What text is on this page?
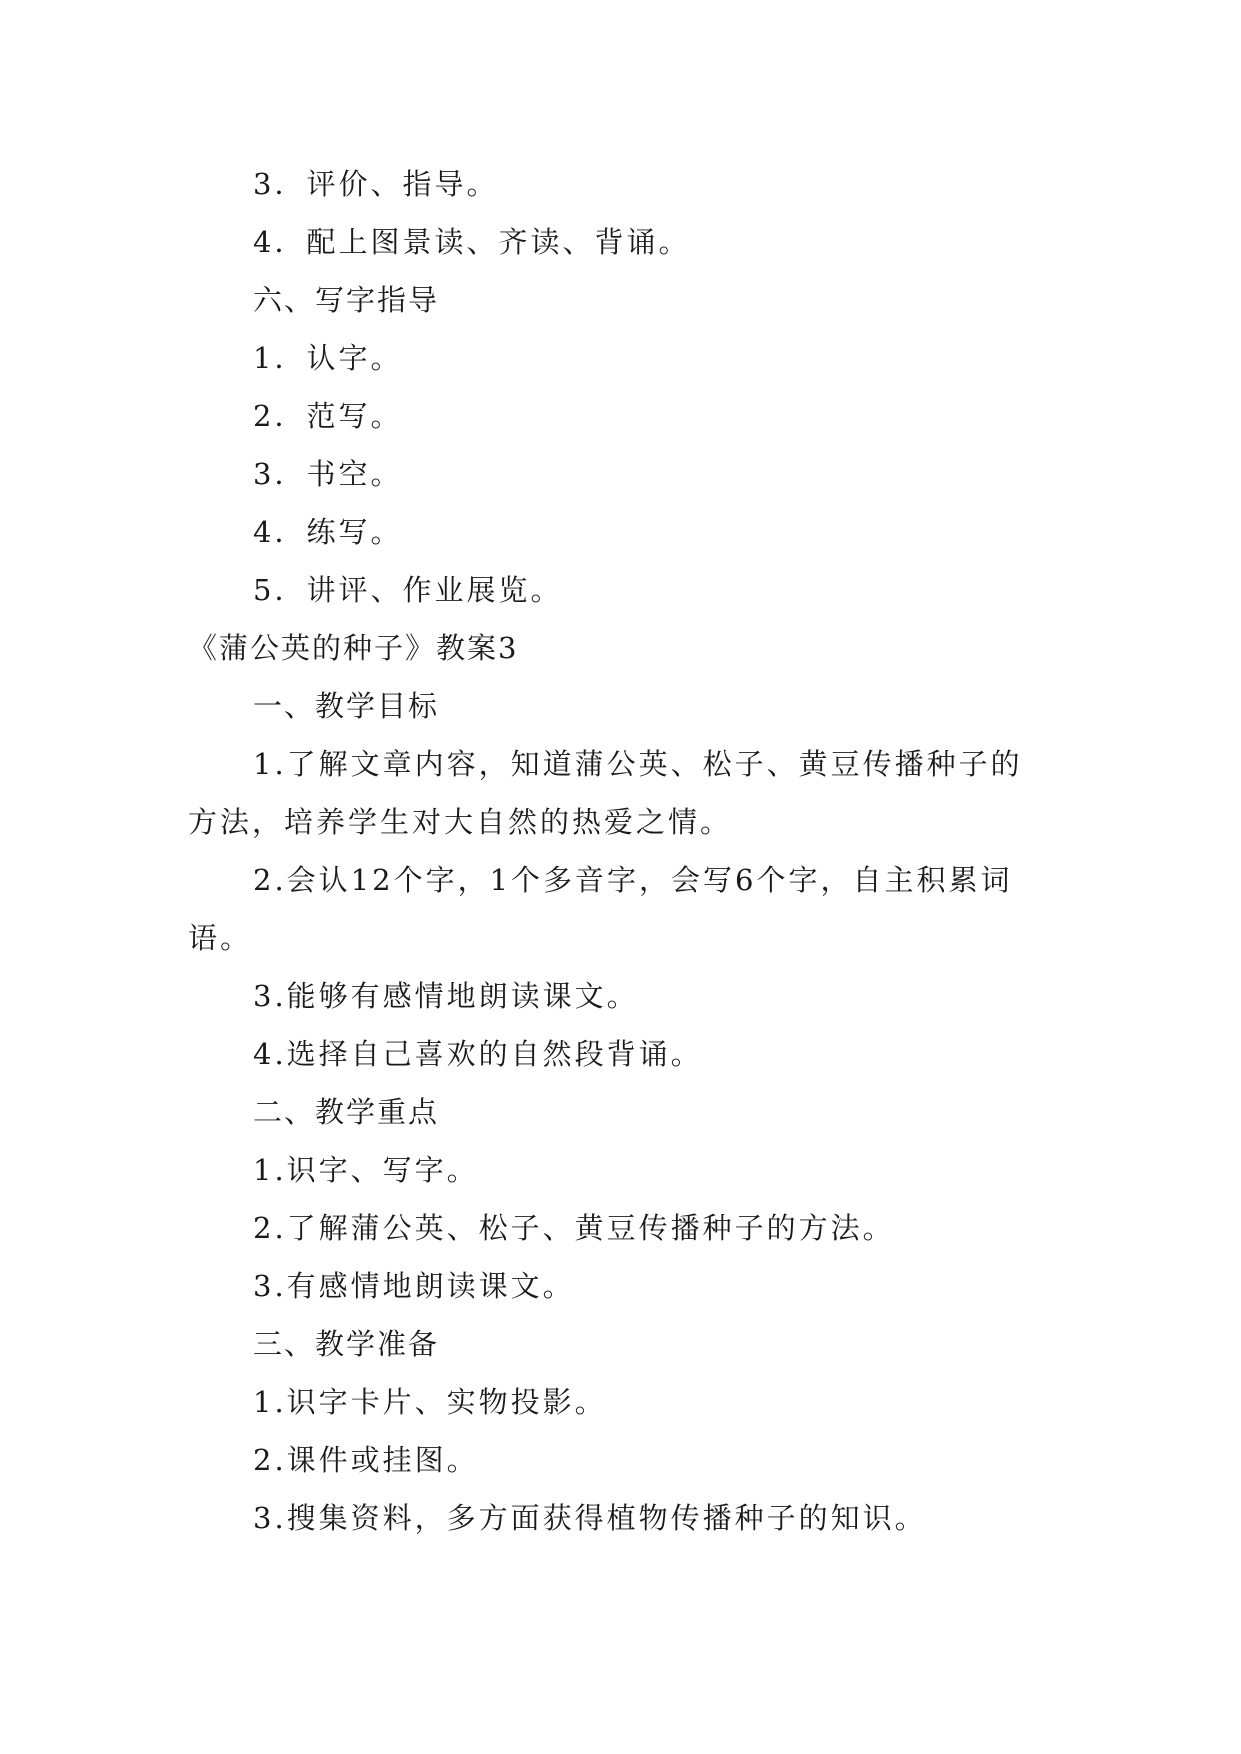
3．评价、指导。
4．配上图景读、齐读、背诵。
六、写字指导
1．认字。
2．范写。
3．书空。
4．练写。
5．讲评、作业展览。
《蒲公英的种子》教案3
一、教学目标
1.了解文章内容，知道蒲公英、松子、黄豆传播种子的
方法，培养学生对大自然的热爱之情。
2.会认12个字，1个多音字，会写6个字，自主积累词
语。
3.能够有感情地朗读课文。
4.选择自己喜欢的自然段背诵。
二、教学重点
1.识字、写字。
2.了解蒲公英、松子、黄豆传播种子的方法。
3.有感情地朗读课文。
三、教学准备
1.识字卡片、实物投影。
2.课件或挂图。
3.搜集资料，多方面获得植物传播种子的知识。
